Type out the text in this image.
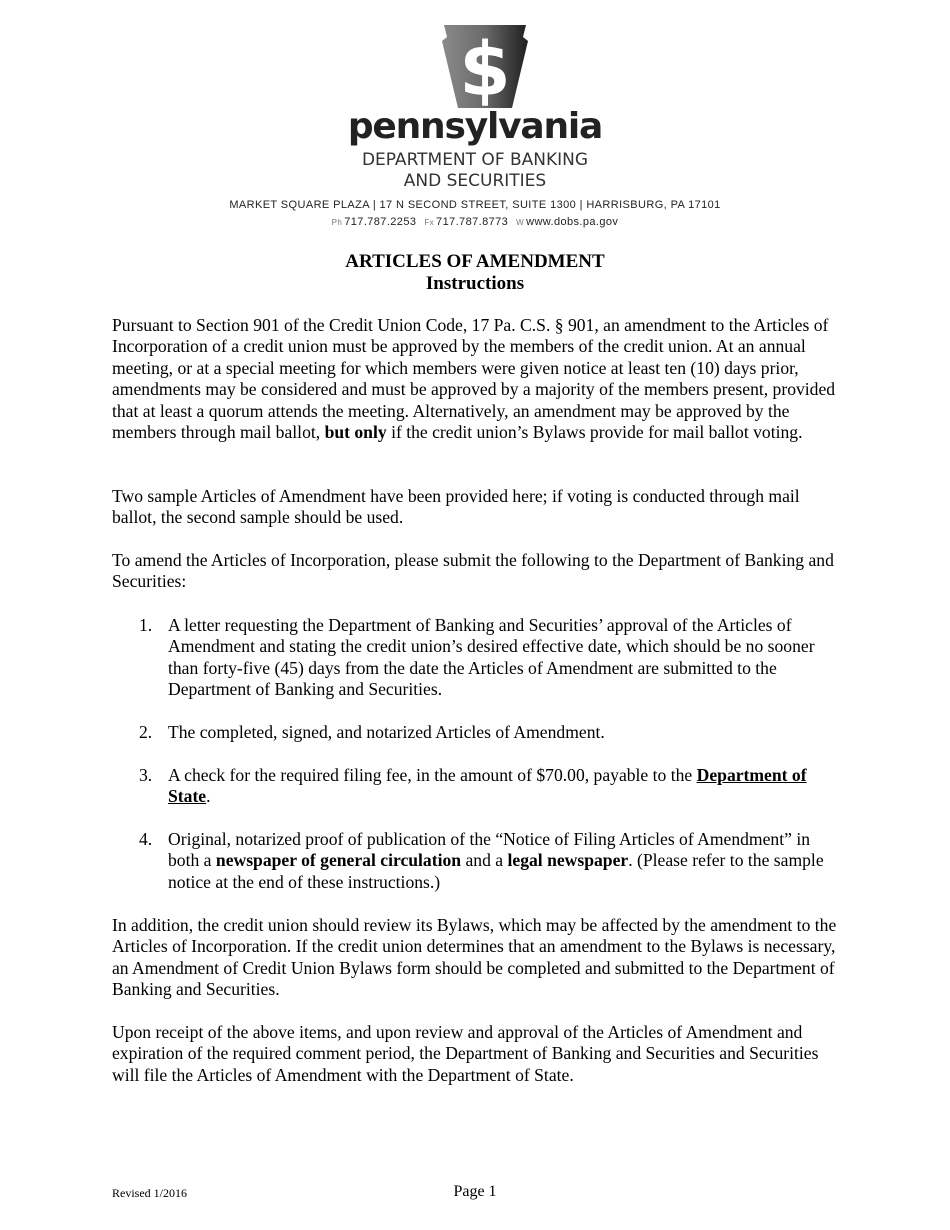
$
pennsylvania
DEPARTMENT OF BANKING
AND SECURITIES
MARKET SQUARE PLAZA | 17 N SECOND STREET, SUITE 1300 | HARRISBURG, PA 17101
Ph 717.787.2253 Fx 717.787.8773 W www.dobs.pa.gov
ARTICLES OF AMENDMENT
Instructions
Pursuant to Section 901 of the Credit Union Code, 17 Pa. C.S. § 901, an amendment to the Articles of Incorporation of a credit union must be approved by the members of the credit union. At an annual meeting, or at a special meeting for which members were given notice at least ten (10) days prior, amendments may be considered and must be approved by a majority of the members present, provided that at least a quorum attends the meeting. Alternatively, an amendment may be approved by the members through mail ballot, but only if the credit union’s Bylaws provide for mail ballot voting.
Two sample Articles of Amendment have been provided here; if voting is conducted through mail ballot, the second sample should be used.
To amend the Articles of Incorporation, please submit the following to the Department of Banking and Securities:
1. A letter requesting the Department of Banking and Securities’ approval of the Articles of Amendment and stating the credit union’s desired effective date, which should be no sooner than forty-five (45) days from the date the Articles of Amendment are submitted to the Department of Banking and Securities.
2. The completed, signed, and notarized Articles of Amendment.
3. A check for the required filing fee, in the amount of $70.00, payable to the Department of State.
4. Original, notarized proof of publication of the “Notice of Filing Articles of Amendment” in both a newspaper of general circulation and a legal newspaper. (Please refer to the sample notice at the end of these instructions.)
In addition, the credit union should review its Bylaws, which may be affected by the amendment to the Articles of Incorporation. If the credit union determines that an amendment to the Bylaws is necessary, an Amendment of Credit Union Bylaws form should be completed and submitted to the Department of Banking and Securities.
Upon receipt of the above items, and upon review and approval of the Articles of Amendment and expiration of the required comment period, the Department of Banking and Securities and Securities will file the Articles of Amendment with the Department of State.
Revised 1/2016	Page 1
